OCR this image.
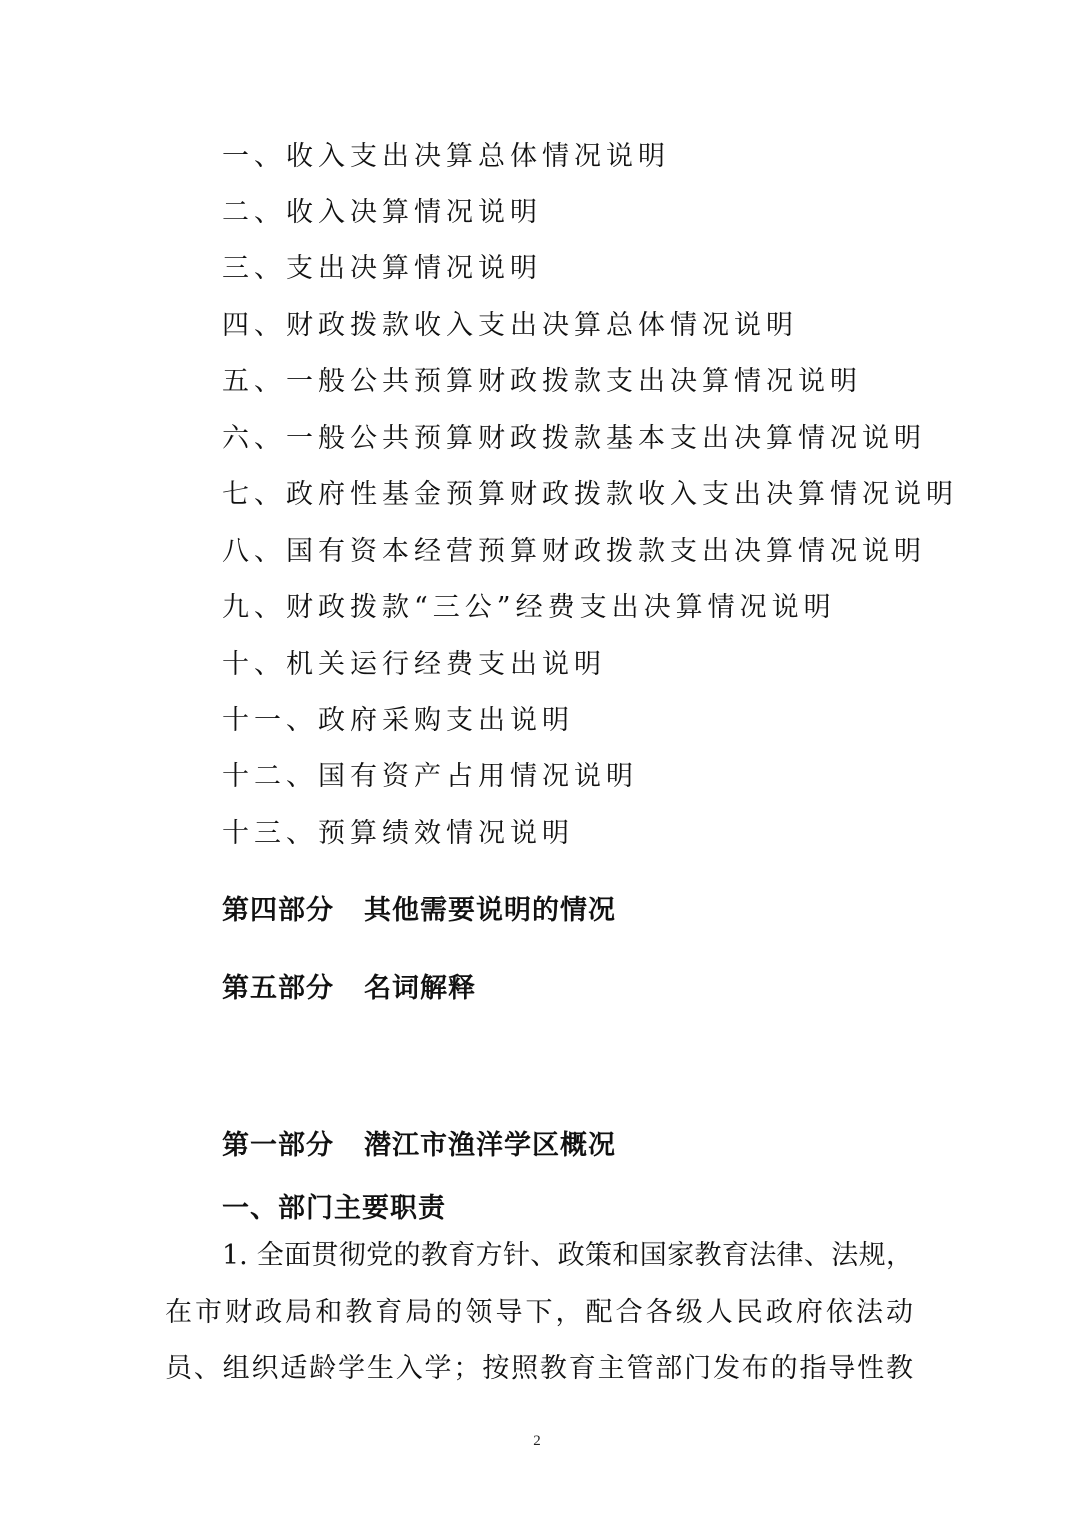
一、收入支出决算总体情况说明
二、收入决算情况说明
三、支出决算情况说明
四、财政拨款收入支出决算总体情况说明
五、一般公共预算财政拨款支出决算情况说明
六、一般公共预算财政拨款基本支出决算情况说明
七、政府性基金预算财政拨款收入支出决算情况说明
八、国有资本经营预算财政拨款支出决算情况说明
九、财政拨款“三公”经费支出决算情况说明
十、机关运行经费支出说明
十一、政府采购支出说明
十二、国有资产占用情况说明
十三、预算绩效情况说明
第四部分 其他需要说明的情况
第五部分 名词解释
第一部分 潜江市渔洋学区概况
一、部门主要职责
1. 全面贯彻党的教育方针、政策和国家教育法律、法规，
在市财政局和教育局的领导下，配合各级人民政府依法动
员、组织适龄学生入学；按照教育主管部门发布的指导性教
2
